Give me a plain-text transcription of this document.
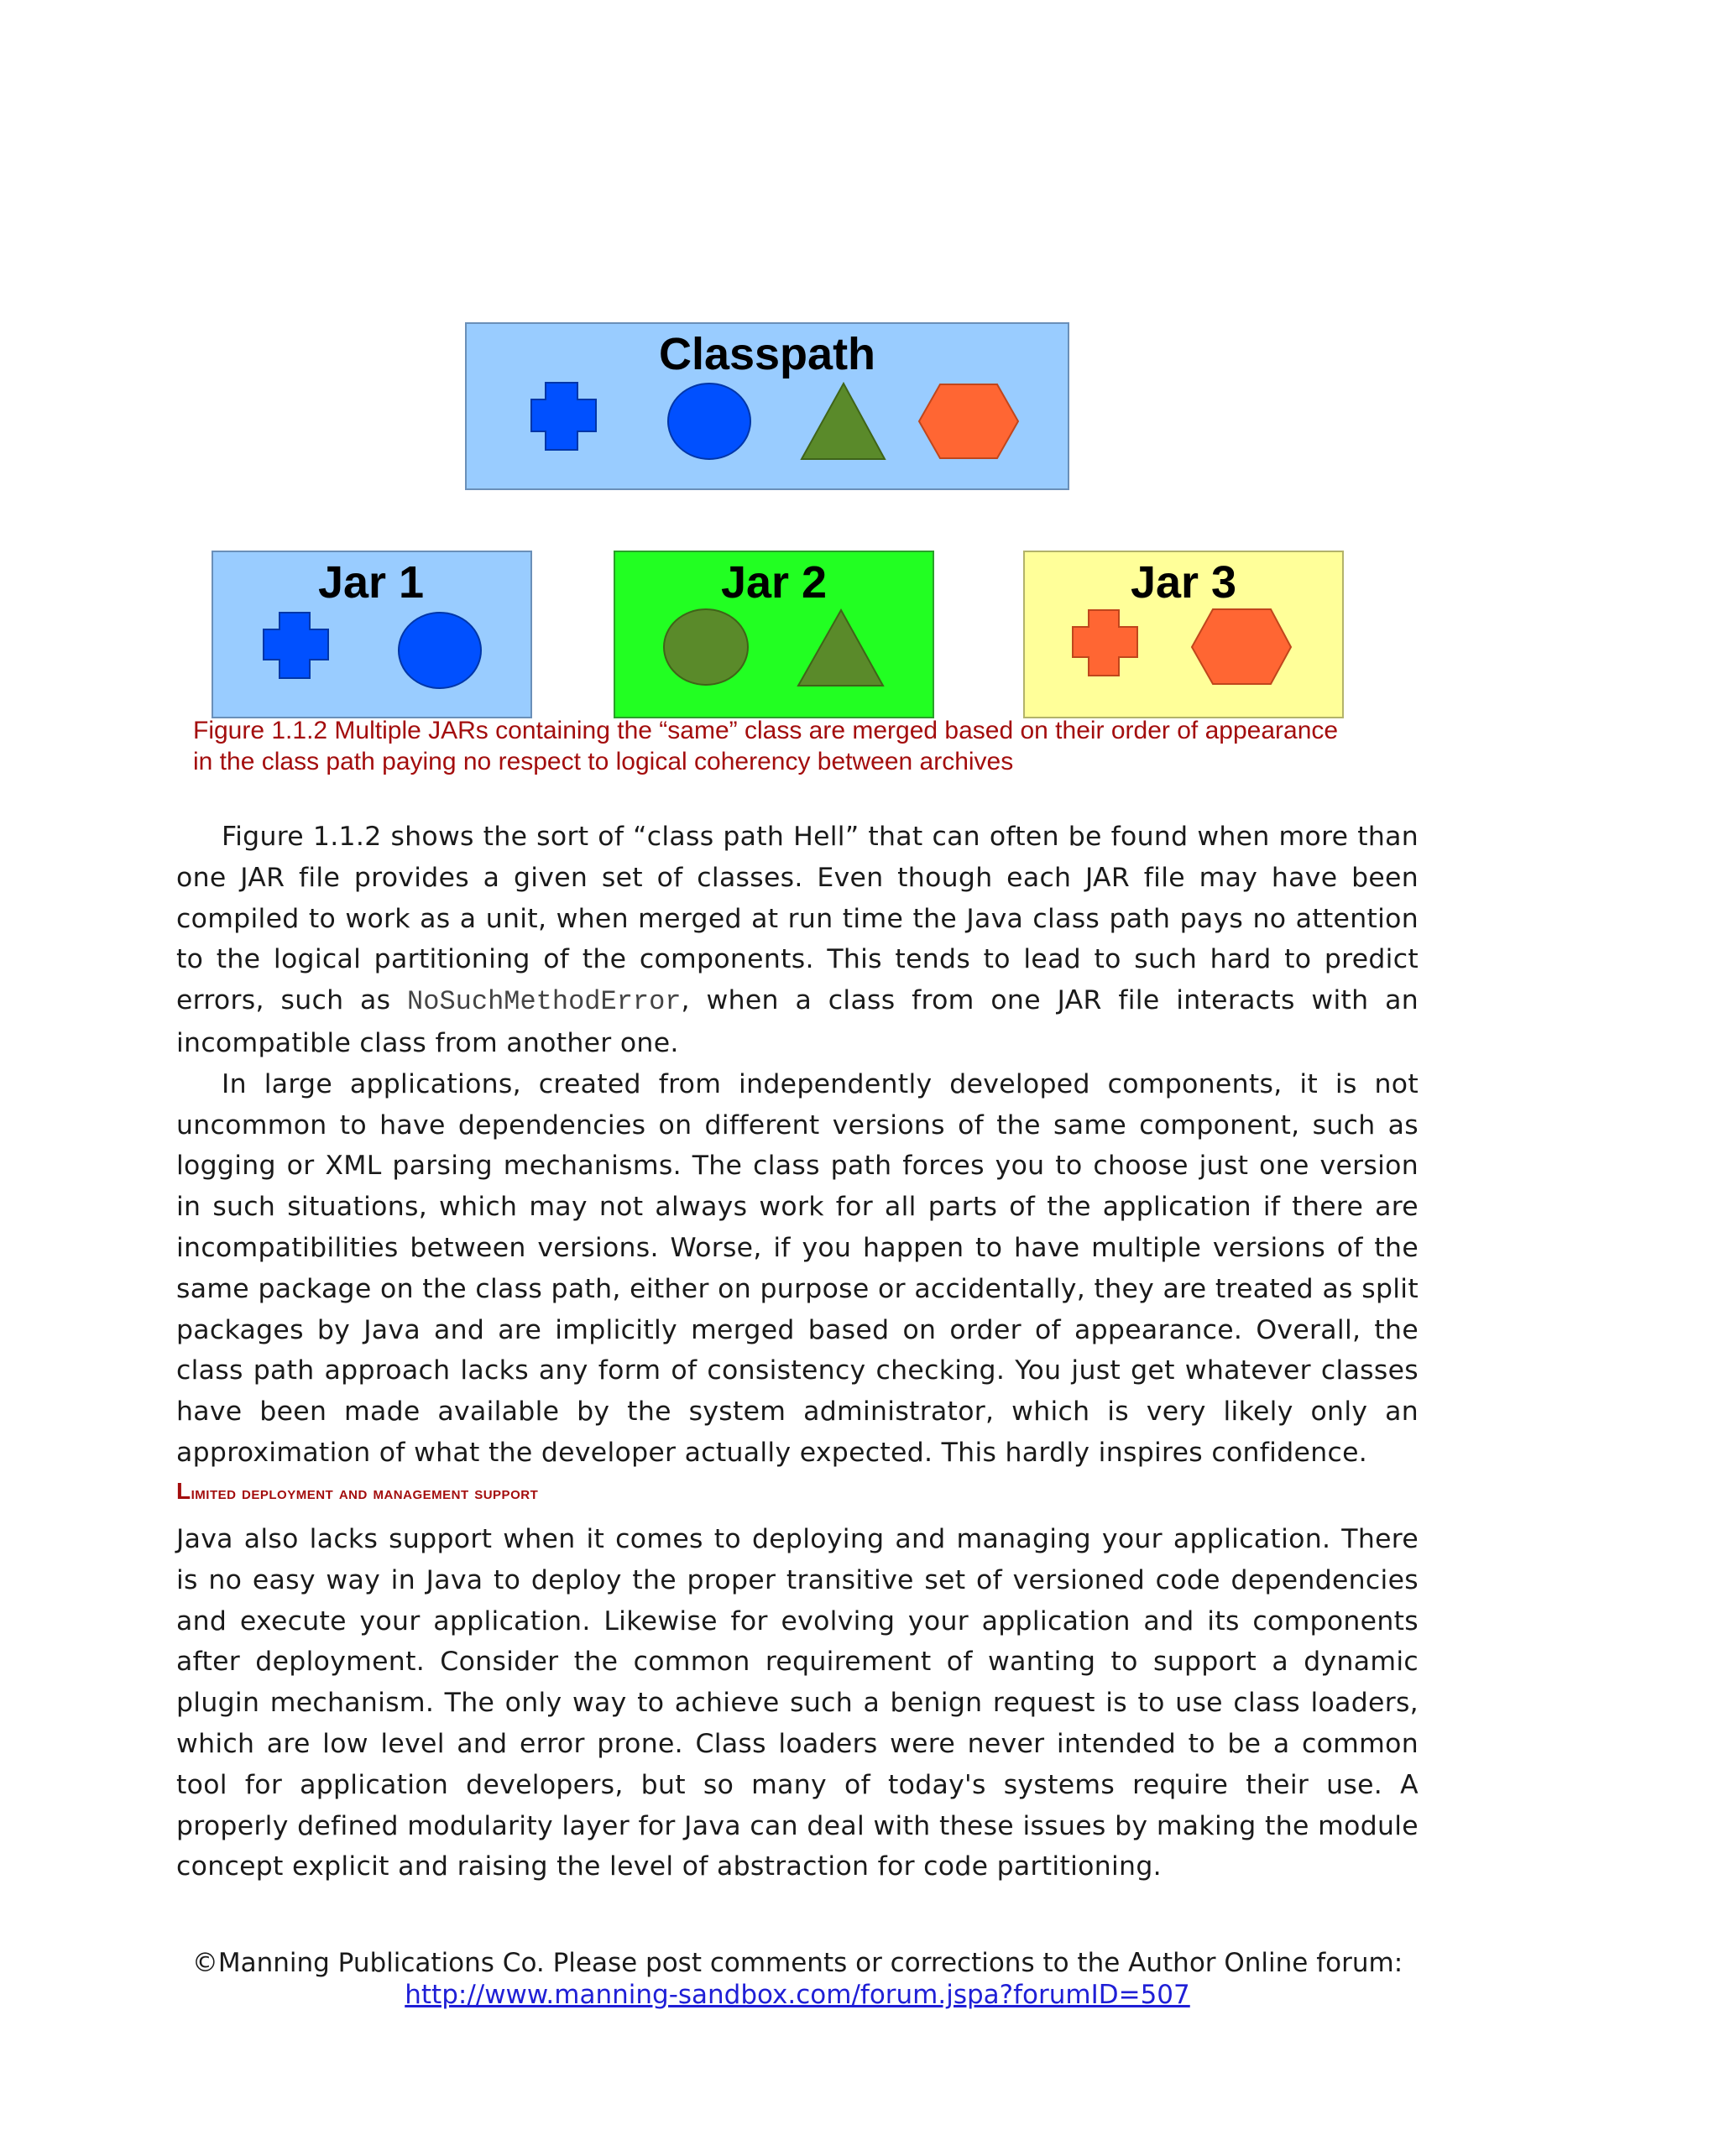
Classpath
Jar 1	Jar 2	Jar 3
Figure 1.1.2 Multiple JARs containing the “same” class are merged based on their order of appearance
in the class path paying no respect to logical coherency between archives

Figure 1.1.2 shows the sort of “class path Hell” that can often be found when more than one JAR file provides a given set of classes. Even though each JAR file may have been compiled to work as a unit, when merged at run time the Java class path pays no attention to the logical partitioning of the components. This tends to lead to such hard to predict errors, such as NoSuchMethodError, when a class from one JAR file interacts with an incompatible class from another one.

In large applications, created from independently developed components, it is not uncommon to have dependencies on different versions of the same component, such as logging or XML parsing mechanisms. The class path forces you to choose just one version in such situations, which may not always work for all parts of the application if there are incompatibilities between versions. Worse, if you happen to have multiple versions of the same package on the class path, either on purpose or accidentally, they are treated as split packages by Java and are implicitly merged based on order of appearance. Overall, the class path approach lacks any form of consistency checking. You just get whatever classes have been made available by the system administrator, which is very likely only an approximation of what the developer actually expected. This hardly inspires confidence.

Limited deployment and management support

Java also lacks support when it comes to deploying and managing your application. There is no easy way in Java to deploy the proper transitive set of versioned code dependencies and execute your application. Likewise for evolving your application and its components after deployment. Consider the common requirement of wanting to support a dynamic plugin mechanism. The only way to achieve such a benign request is to use class loaders, which are low level and error prone. Class loaders were never intended to be a common tool for application developers, but so many of today's systems require their use. A properly defined modularity layer for Java can deal with these issues by making the module concept explicit and raising the level of abstraction for code partitioning.

©Manning Publications Co. Please post comments or corrections to the Author Online forum:
http://www.manning-sandbox.com/forum.jspa?forumID=507
